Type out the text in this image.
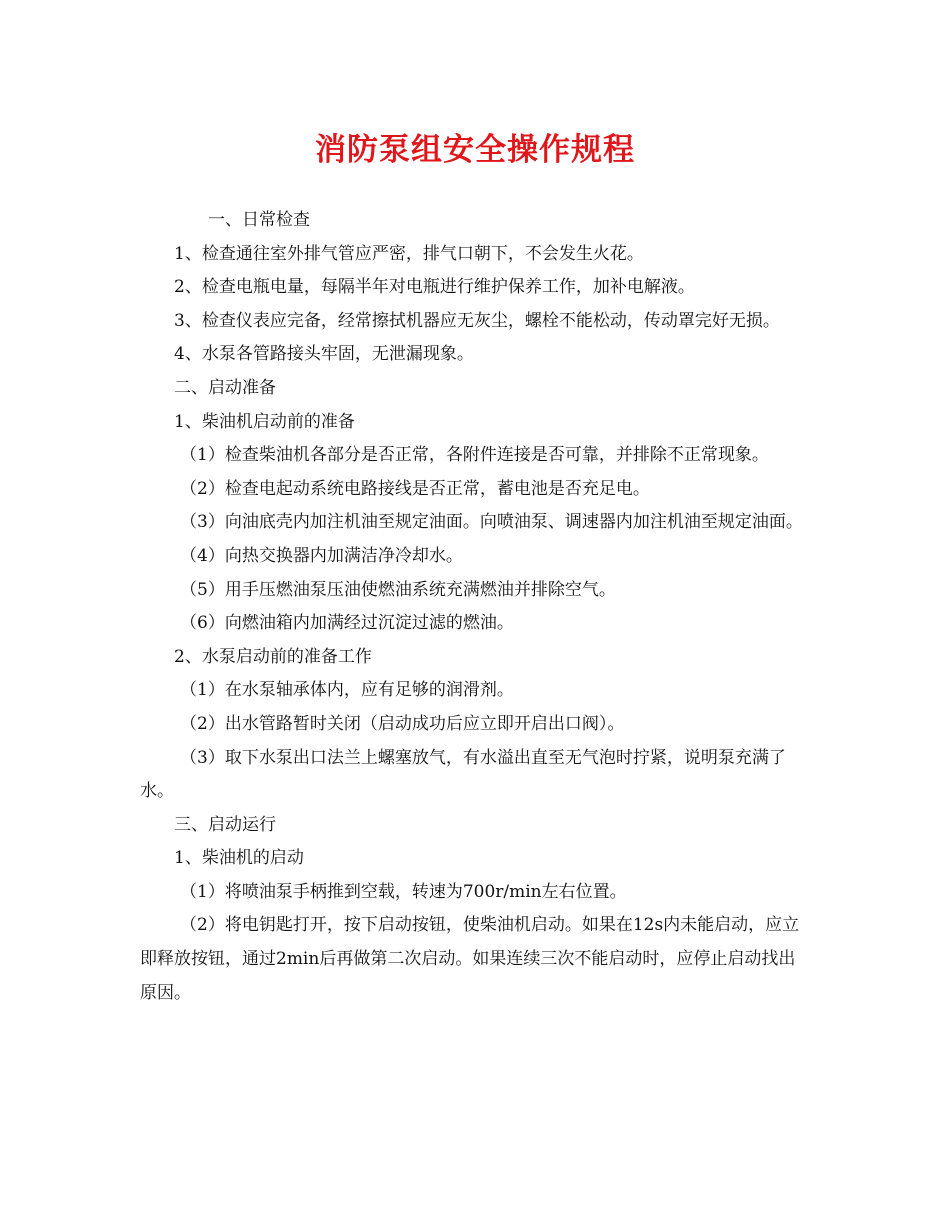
消防泵组安全操作规程

一、日常检查

1、检查通往室外排气管应严密，排气口朝下，不会发生火花。

2、检查电瓶电量，每隔半年对电瓶进行维护保养工作，加补电解液。

3、检查仪表应完备，经常擦拭机器应无灰尘，螺栓不能松动，传动罩完好无损。

4、水泵各管路接头牢固，无泄漏现象。

二、启动准备

1、柴油机启动前的准备

（1）检查柴油机各部分是否正常，各附件连接是否可靠，并排除不正常现象。

（2）检查电起动系统电路接线是否正常，蓄电池是否充足电。

（3）向油底壳内加注机油至规定油面。向喷油泵、调速器内加注机油至规定油面。

（4）向热交换器内加满洁净冷却水。

（5）用手压燃油泵压油使燃油系统充满燃油并排除空气。

（6）向燃油箱内加满经过沉淀过滤的燃油。

2、水泵启动前的准备工作

（1）在水泵轴承体内，应有足够的润滑剂。

（2）出水管路暂时关闭（启动成功后应立即开启出口阀）。

（3）取下水泵出口法兰上螺塞放气，有水溢出直至无气泡时拧紧，说明泵充满了水。

三、启动运行

1、柴油机的启动

（1）将喷油泵手柄推到空载，转速为700r/min左右位置。

（2）将电钥匙打开，按下启动按钮，使柴油机启动。如果在12s内未能启动，应立即释放按钮，通过2min后再做第二次启动。如果连续三次不能启动时，应停止启动找出原因。
